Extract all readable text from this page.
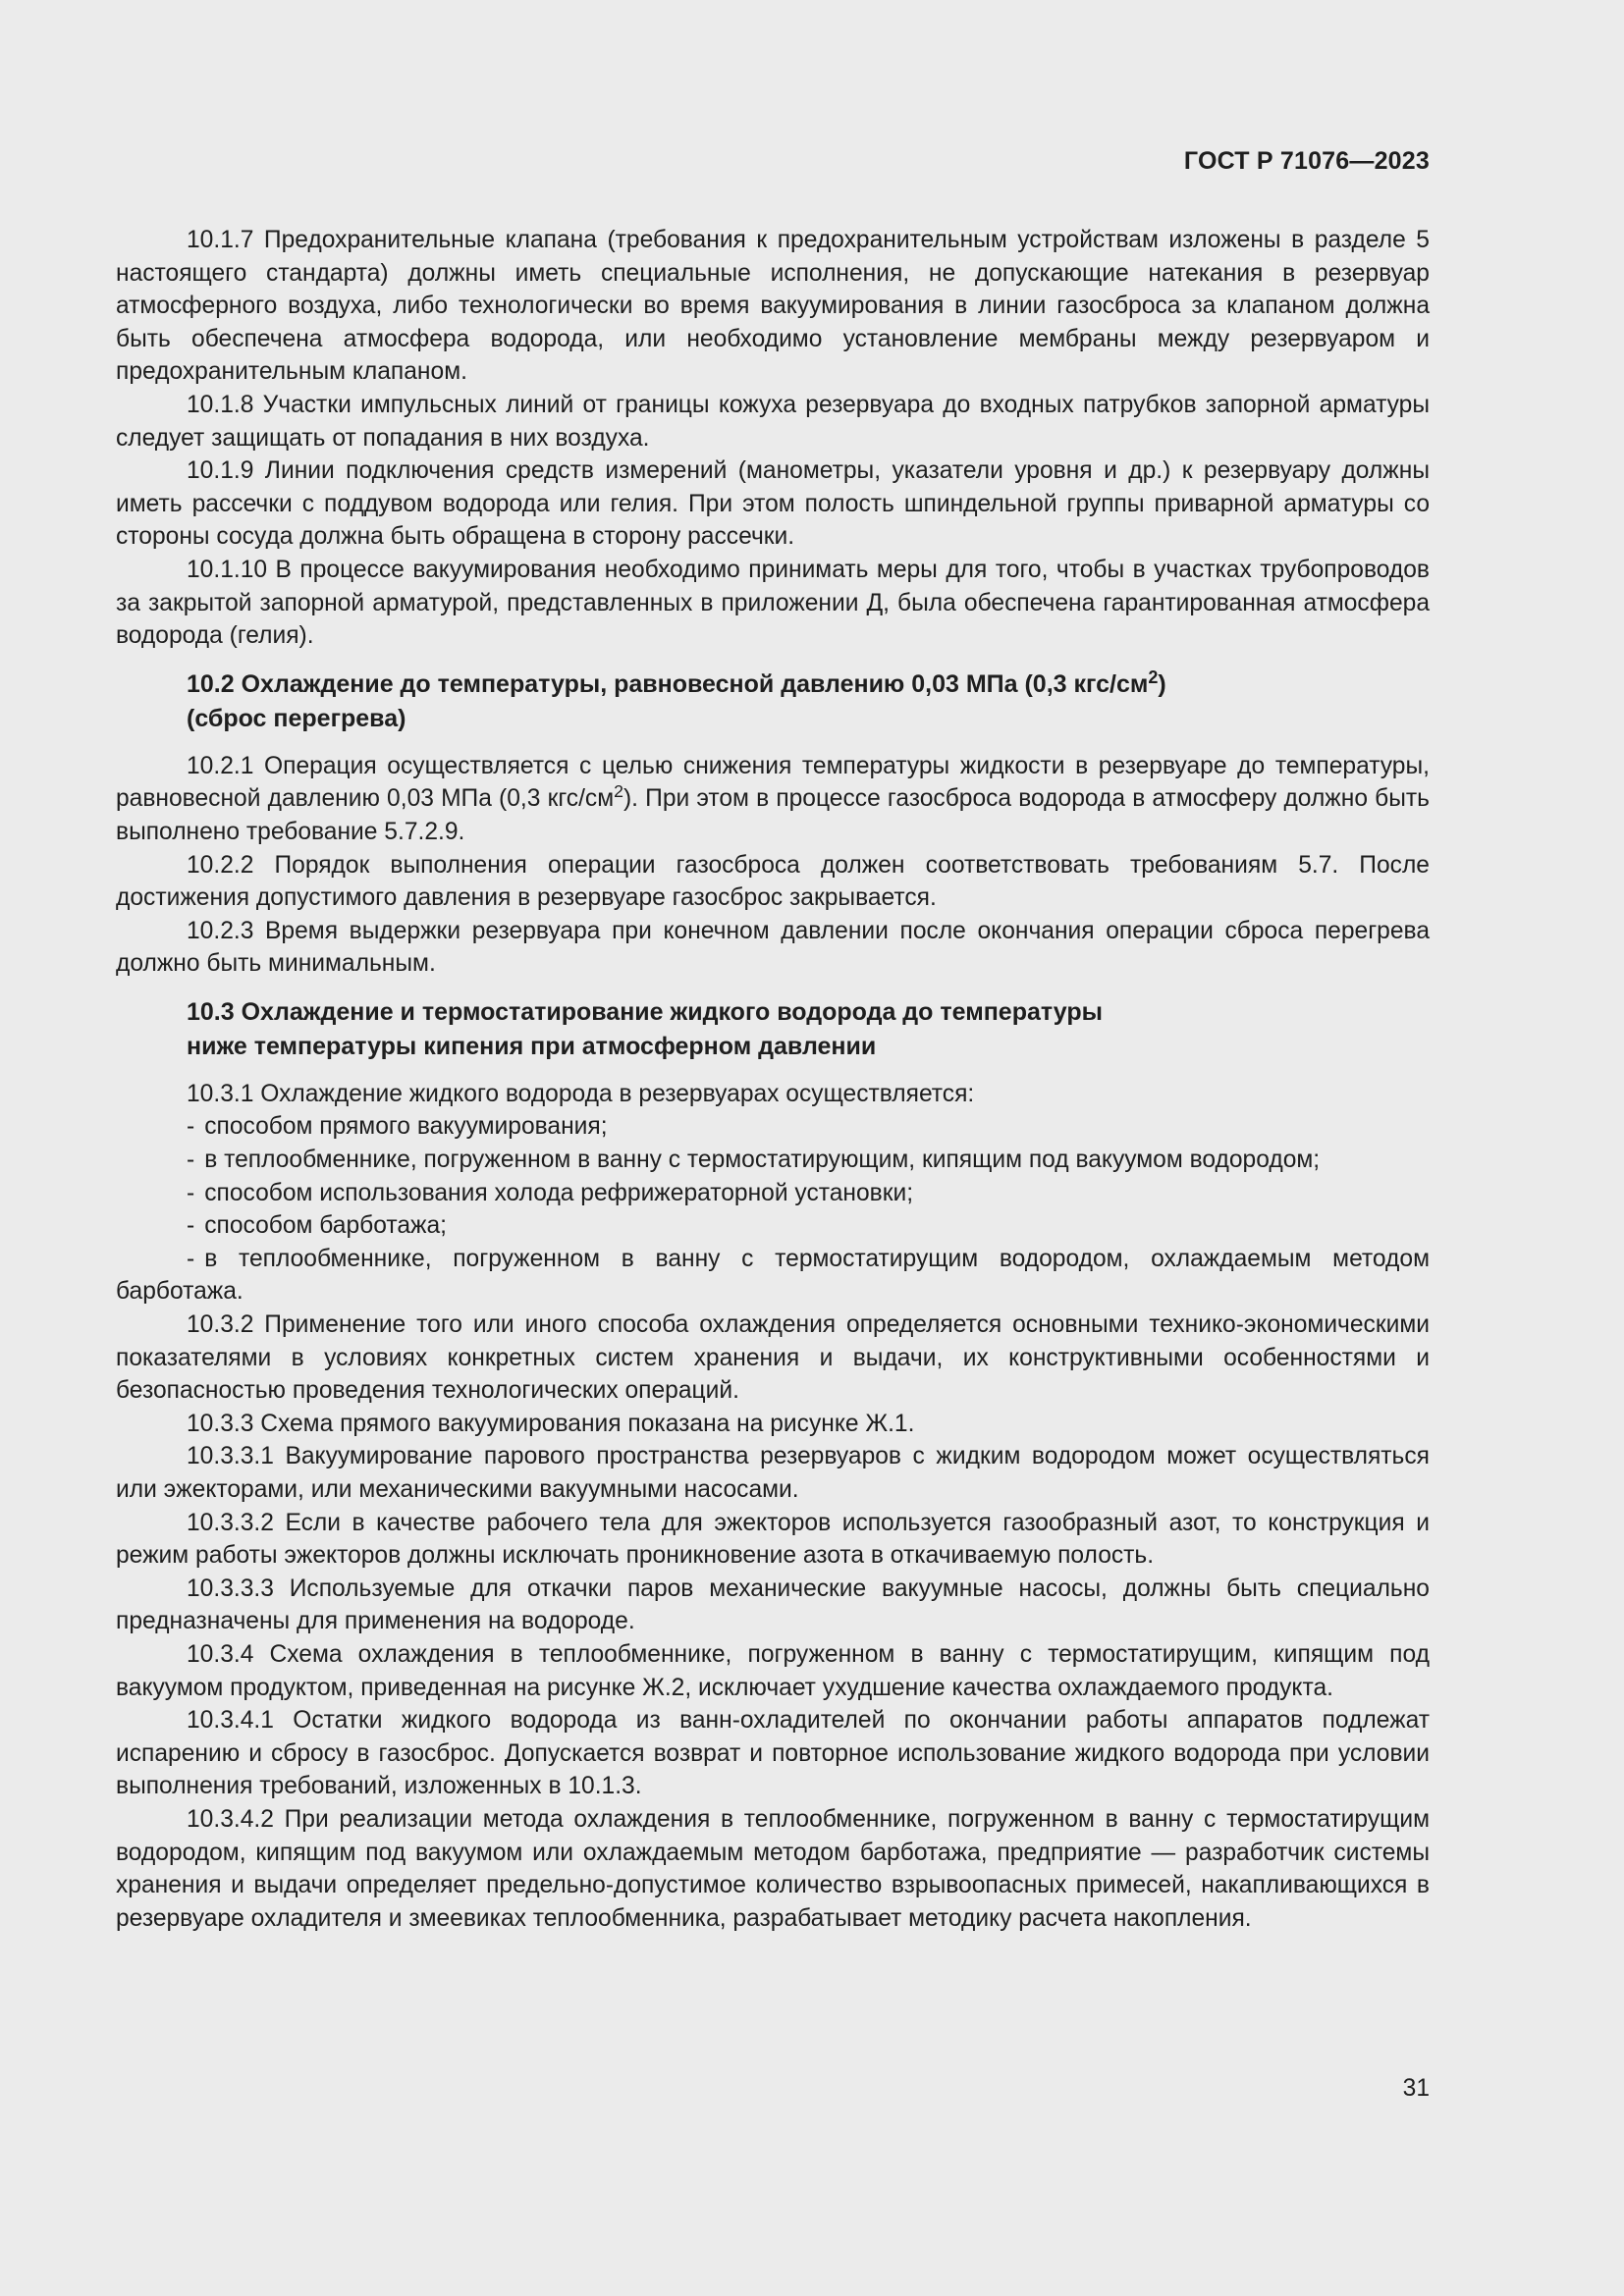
ГОСТ Р 71076—2023

10.1.7 Предохранительные клапана (требования к предохранительным устройствам изложены в разделе 5 настоящего стандарта) должны иметь специальные исполнения, не допускающие натекания в резервуар атмосферного воздуха, либо технологически во время вакуумирования в линии газосброса за клапаном должна быть обеспечена атмосфера водорода, или необходимо установление мембраны между резервуаром и предохранительным клапаном.

10.1.8 Участки импульсных линий от границы кожуха резервуара до входных патрубков запорной арматуры следует защищать от попадания в них воздуха.

10.1.9 Линии подключения средств измерений (манометры, указатели уровня и др.) к резервуару должны иметь рассечки с поддувом водорода или гелия. При этом полость шпиндельной группы приварной арматуры со стороны сосуда должна быть обращена в сторону рассечки.

10.1.10 В процессе вакуумирования необходимо принимать меры для того, чтобы в участках трубопроводов за закрытой запорной арматурой, представленных в приложении Д, была обеспечена гарантированная атмосфера водорода (гелия).

10.2 Охлаждение до температуры, равновесной давлению 0,03 МПа (0,3 кгс/$см^2$)
(сброс перегрева)

10.2.1 Операция осуществляется с целью снижения температуры жидкости в резервуаре до температуры, равновесной давлению 0,03 МПа (0,3 кгс/$см^2$). При этом в процессе газосброса водорода в атмосферу должно быть выполнено требование 5.7.2.9.

10.2.2 Порядок выполнения операции газосброса должен соответствовать требованиям 5.7. После достижения допустимого давления в резервуаре газосброс закрывается.

10.2.3 Время выдержки резервуара при конечном давлении после окончания операции сброса перегрева должно быть минимальным.

10.3 Охлаждение и термостатирование жидкого водорода до температуры
ниже температуры кипения при атмосферном давлении

10.3.1 Охлаждение жидкого водорода в резервуарах осуществляется:

- способом прямого вакуумирования;

- в теплообменнике, погруженном в ванну с термостатирующим, кипящим под вакуумом водородом;

- способом использования холода рефрижераторной установки;

- способом барботажа;

- в теплообменнике, погруженном в ванну с термостатирущим водородом, охлаждаемым методом барботажа.

10.3.2 Применение того или иного способа охлаждения определяется основными технико-экономическими показателями в условиях конкретных систем хранения и выдачи, их конструктивными особенностями и безопасностью проведения технологических операций.

10.3.3 Схема прямого вакуумирования показана на рисунке Ж.1.

10.3.3.1 Вакуумирование парового пространства резервуаров с жидким водородом может осуществляться или эжекторами, или механическими вакуумными насосами.

10.3.3.2 Если в качестве рабочего тела для эжекторов используется газообразный азот, то конструкция и режим работы эжекторов должны исключать проникновение азота в откачиваемую полость.

10.3.3.3 Используемые для откачки паров механические вакуумные насосы, должны быть специально предназначены для применения на водороде.

10.3.4 Схема охлаждения в теплообменнике, погруженном в ванну с термостатирущим, кипящим под вакуумом продуктом, приведенная на рисунке Ж.2, исключает ухудшение качества охлаждаемого продукта.

10.3.4.1 Остатки жидкого водорода из ванн-охладителей по окончании работы аппаратов подлежат испарению и сбросу в газосброс. Допускается возврат и повторное использование жидкого водорода при условии выполнения требований, изложенных в 10.1.3.

10.3.4.2 При реализации метода охлаждения в теплообменнике, погруженном в ванну с термостатирущим водородом, кипящим под вакуумом или охлаждаемым методом барботажа, предприятие — разработчик системы хранения и выдачи определяет предельно-допустимое количество взрывоопасных примесей, накапливающихся в резервуаре охладителя и змеевиках теплообменника, разрабатывает методику расчета накопления.

31
